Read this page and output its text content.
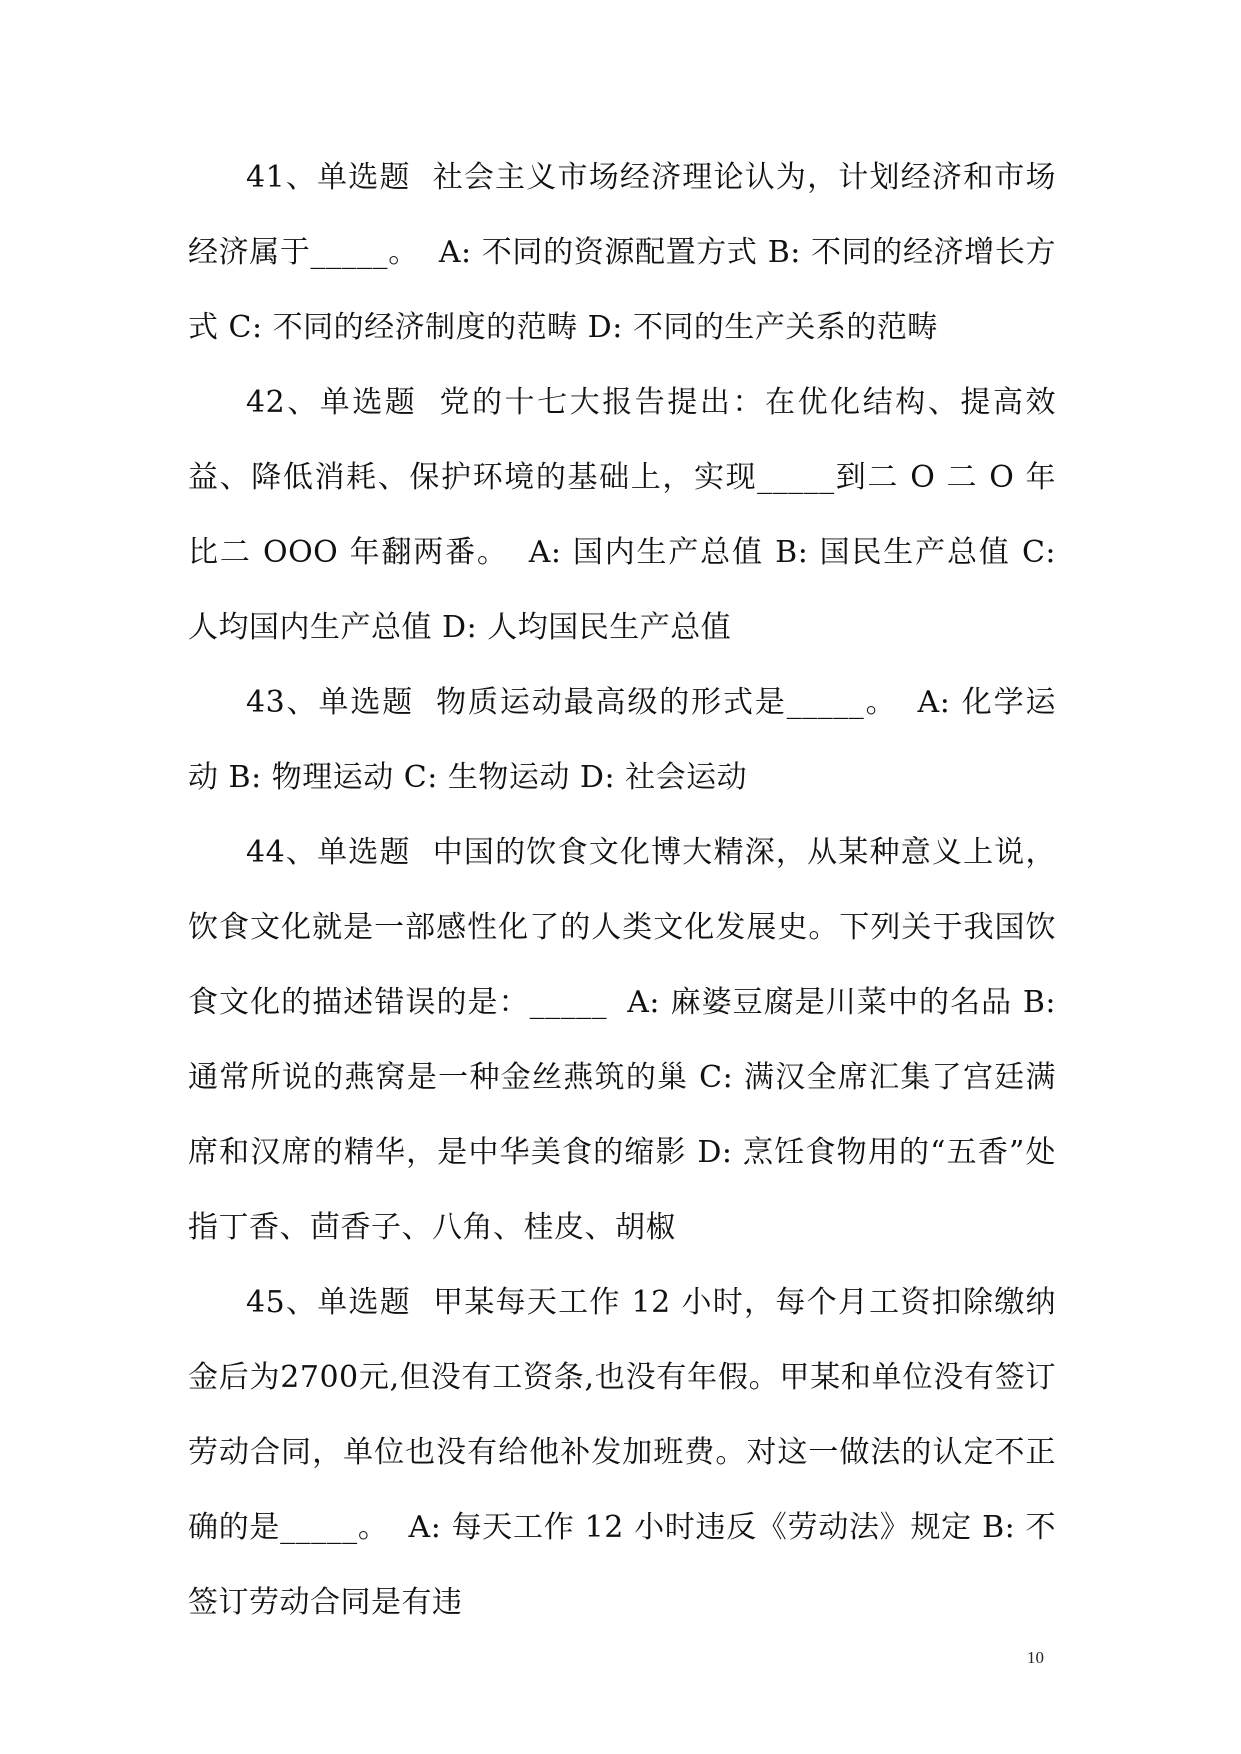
41、单选题 社会主义市场经济理论认为，计划经济和市场经济属于_____。 A: 不同的资源配置方式 B: 不同的经济增长方式 C: 不同的经济制度的范畴 D: 不同的生产关系的范畴

42、单选题 党的十七大报告提出：在优化结构、提高效益、降低消耗、保护环境的基础上，实现_____到二 O 二 O 年比二 OOO 年翻两番。 A: 国内生产总值 B: 国民生产总值 C: 人均国内生产总值 D: 人均国民生产总值

43、单选题 物质运动最高级的形式是_____。 A: 化学运动 B: 物理运动 C: 生物运动 D: 社会运动

44、单选题 中国的饮食文化博大精深，从某种意义上说，饮食文化就是一部感性化了的人类文化发展史。下列关于我国饮食文化的描述错误的是：_____ A: 麻婆豆腐是川菜中的名品 B: 通常所说的燕窝是一种金丝燕筑的巢 C: 满汉全席汇集了宫廷满席和汉席的精华，是中华美食的缩影 D: 烹饪食物用的“五香”处指丁香、茴香子、八角、桂皮、胡椒

45、单选题 甲某每天工作 12 小时，每个月工资扣除缴纳金后为2700元,但没有工资条,也没有年假。甲某和单位没有签订劳动合同，单位也没有给他补发加班费。对这一做法的认定不正确的是_____。 A: 每天工作 12 小时违反《劳动法》规定 B: 不签订劳动合同是有违

10
